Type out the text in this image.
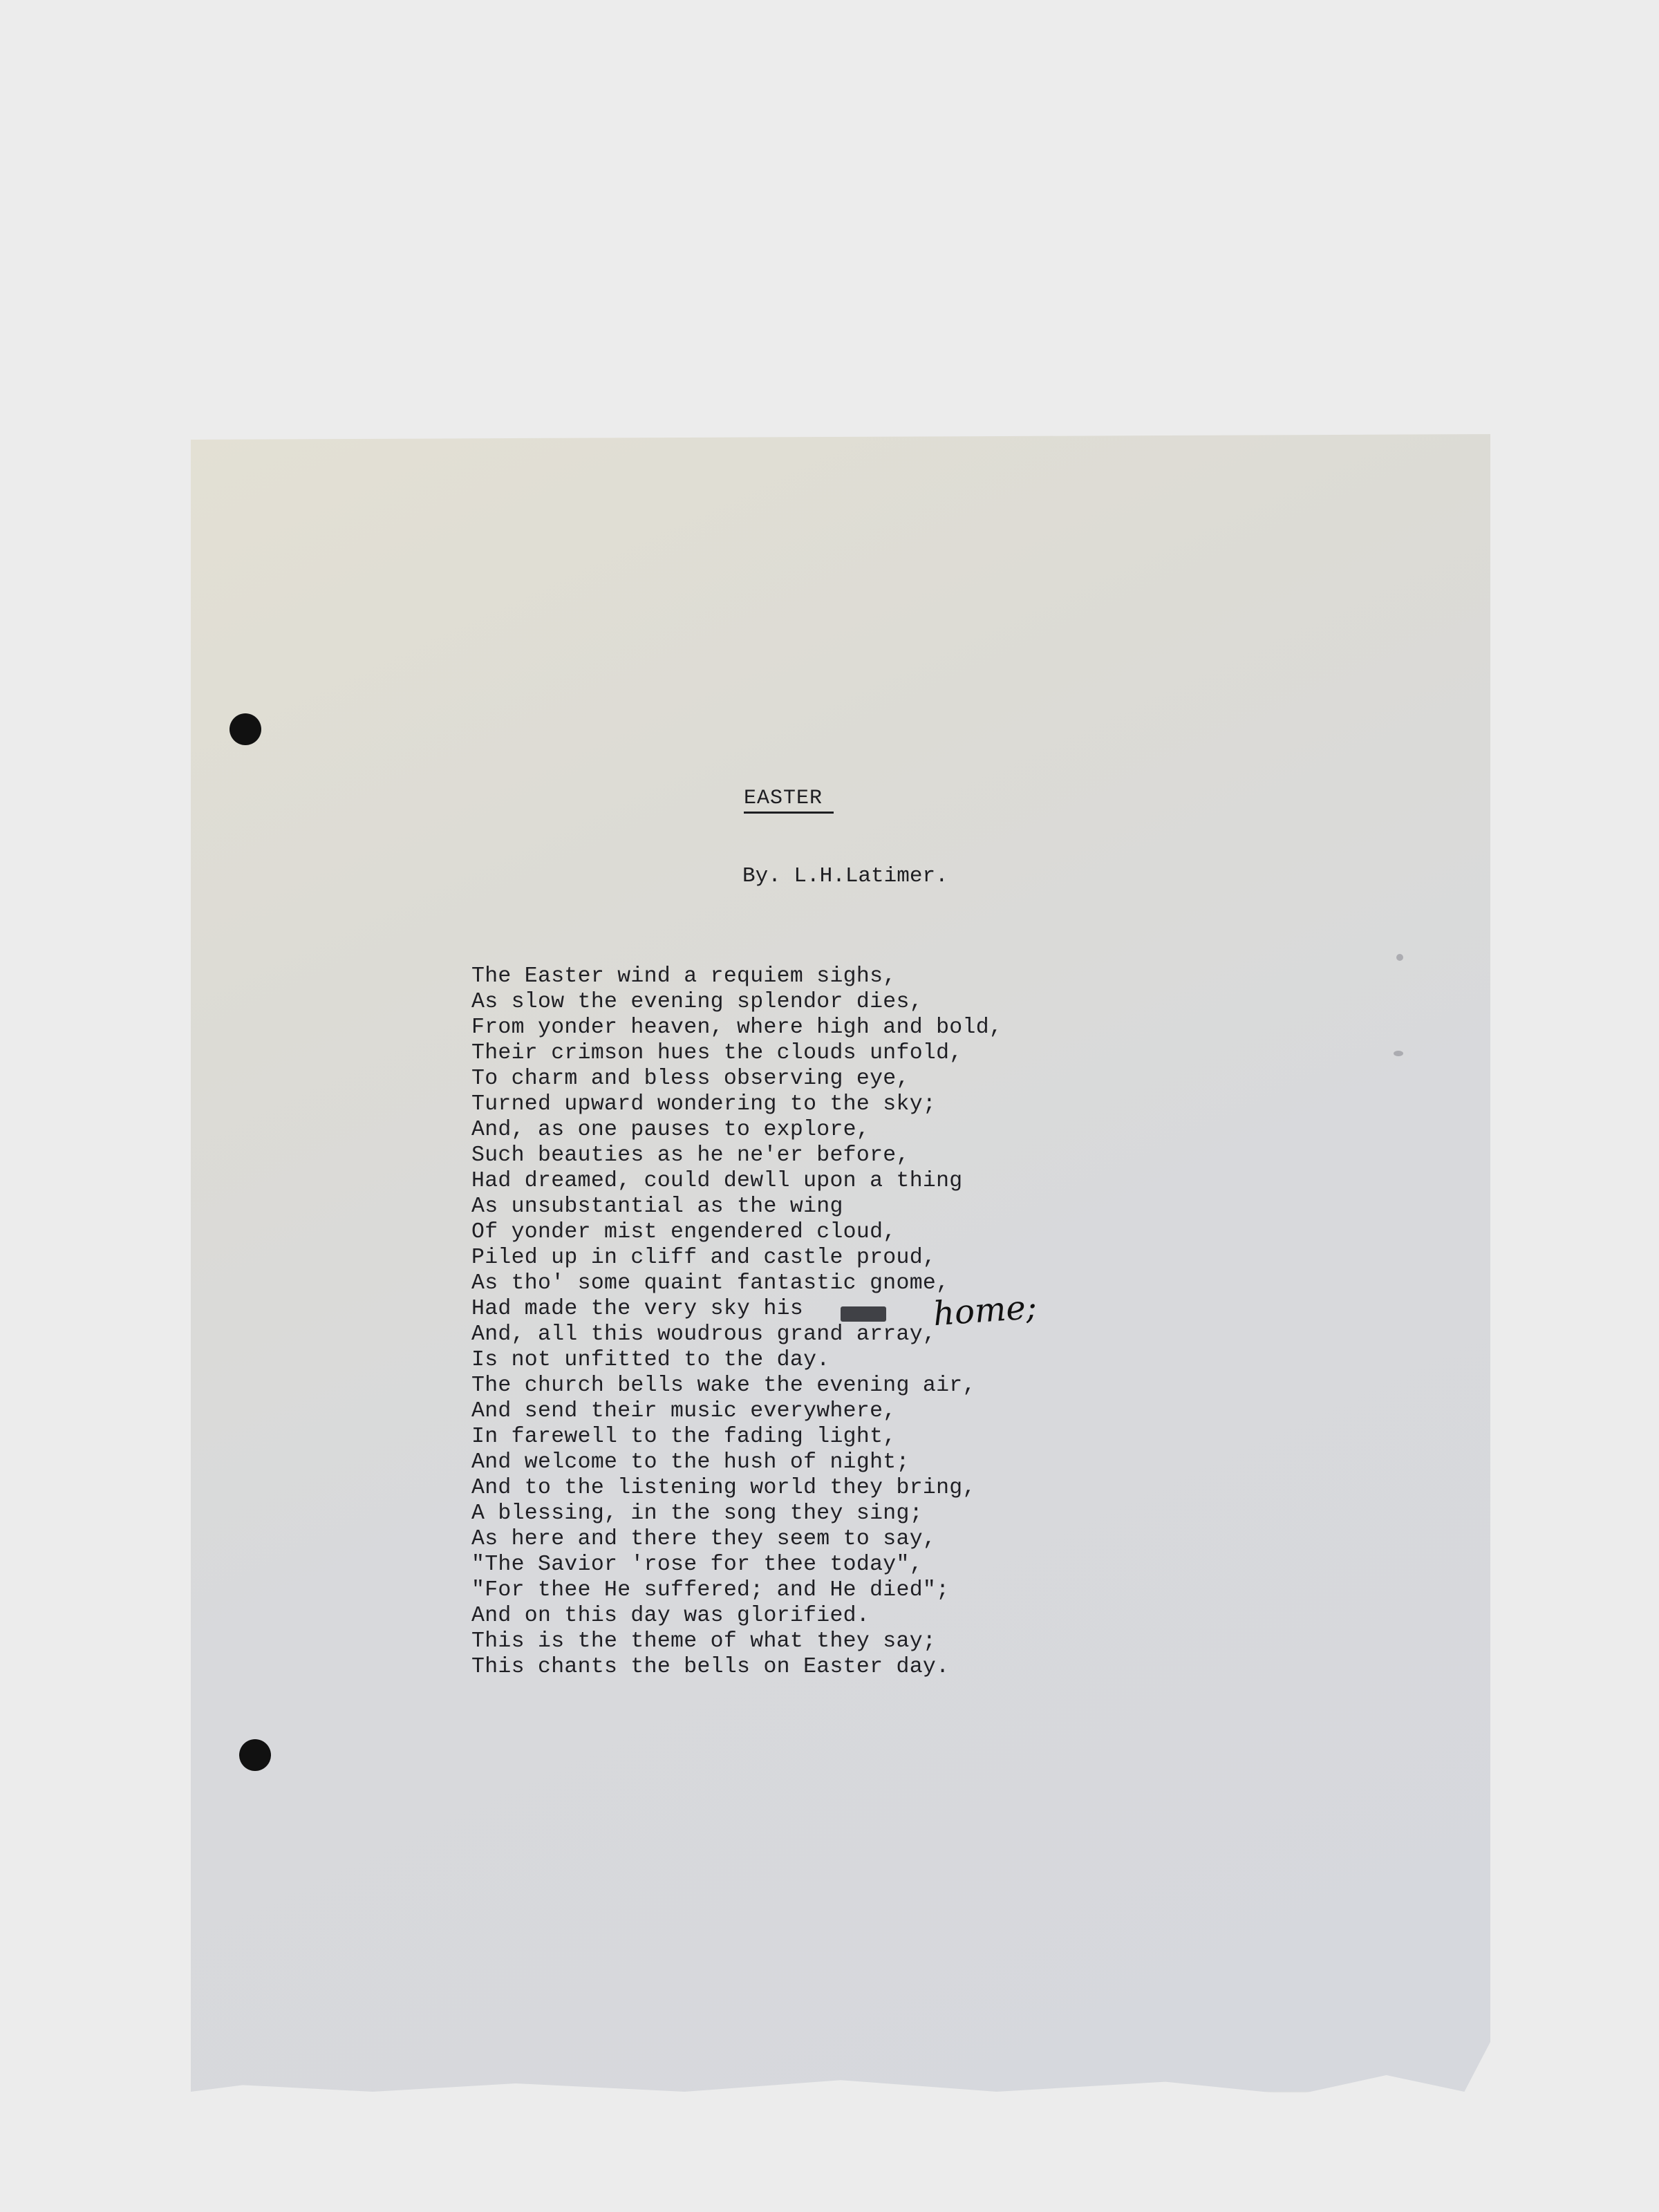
EASTER
By. L.H.Latimer.
The Easter wind a requiem sighs,
As slow the evening splendor dies,
From yonder heaven, where high and bold,
Their crimson hues the clouds unfold,
To charm and bless observing eye,
Turned upward wondering to the sky;
And, as one pauses to explore,
Such beauties as he ne'er before,
Had dreamed, could dewll upon a thing
As unsubstantial as the wing
Of yonder mist engendered cloud,
Piled up in cliff and castle proud,
As tho' some quaint fantastic gnome,
Had made the very sky his
And, all this woudrous grand array,
Is not unfitted to the day.
The church bells wake the evening air,
And send their music everywhere,
In farewell to the fading light,
And welcome to the hush of night;
And to the listening world they bring,
A blessing, in the song they sing;
As here and there they seem to say,
"The Savior 'rose for thee today",
"For thee He suffered; and He died";
And on this day was glorified.
This is the theme of what they say;
This chants the bells on Easter day.
home;
